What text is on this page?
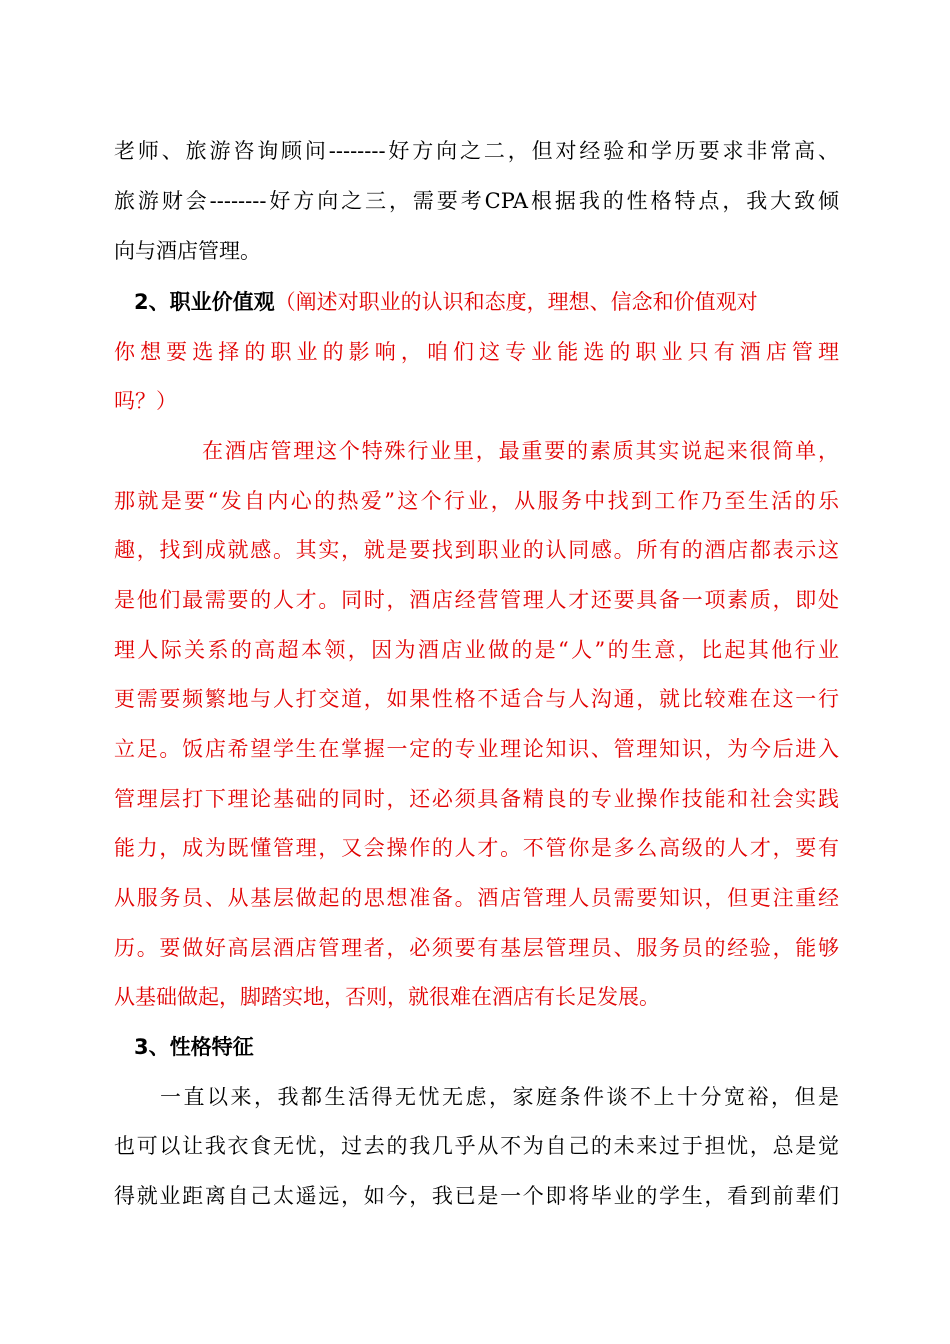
老师、旅游咨询顾问--------好方向之二，但对经验和学历要求非常高、
旅游财会--------好方向之三，需要考CPA根据我的性格特点，我大致倾
向与酒店管理。
2、职业价值观（阐述对职业的认识和态度，理想、信念和价值观对
你想要选择的职业的影响，咱们这专业能选的职业只有酒店管理
吗？）
在酒店管理这个特殊行业里，最重要的素质其实说起来很简单，
那就是要“发自内心的热爱”这个行业，从服务中找到工作乃至生活的乐
趣，找到成就感。其实，就是要找到职业的认同感。所有的酒店都表示这
是他们最需要的人才。同时，酒店经营管理人才还要具备一项素质，即处
理人际关系的高超本领，因为酒店业做的是“人”的生意，比起其他行业
更需要频繁地与人打交道，如果性格不适合与人沟通，就比较难在这一行
立足。饭店希望学生在掌握一定的专业理论知识、管理知识，为今后进入
管理层打下理论基础的同时，还必须具备精良的专业操作技能和社会实践
能力，成为既懂管理，又会操作的人才。不管你是多么高级的人才，要有
从服务员、从基层做起的思想准备。酒店管理人员需要知识，但更注重经
历。要做好高层酒店管理者，必须要有基层管理员、服务员的经验，能够
从基础做起，脚踏实地，否则，就很难在酒店有长足发展。
3、性格特征
一直以来，我都生活得无忧无虑，家庭条件谈不上十分宽裕，但是
也可以让我衣食无忧，过去的我几乎从不为自己的未来过于担忧，总是觉
得就业距离自己太遥远，如今，我已是一个即将毕业的学生，看到前辈们
